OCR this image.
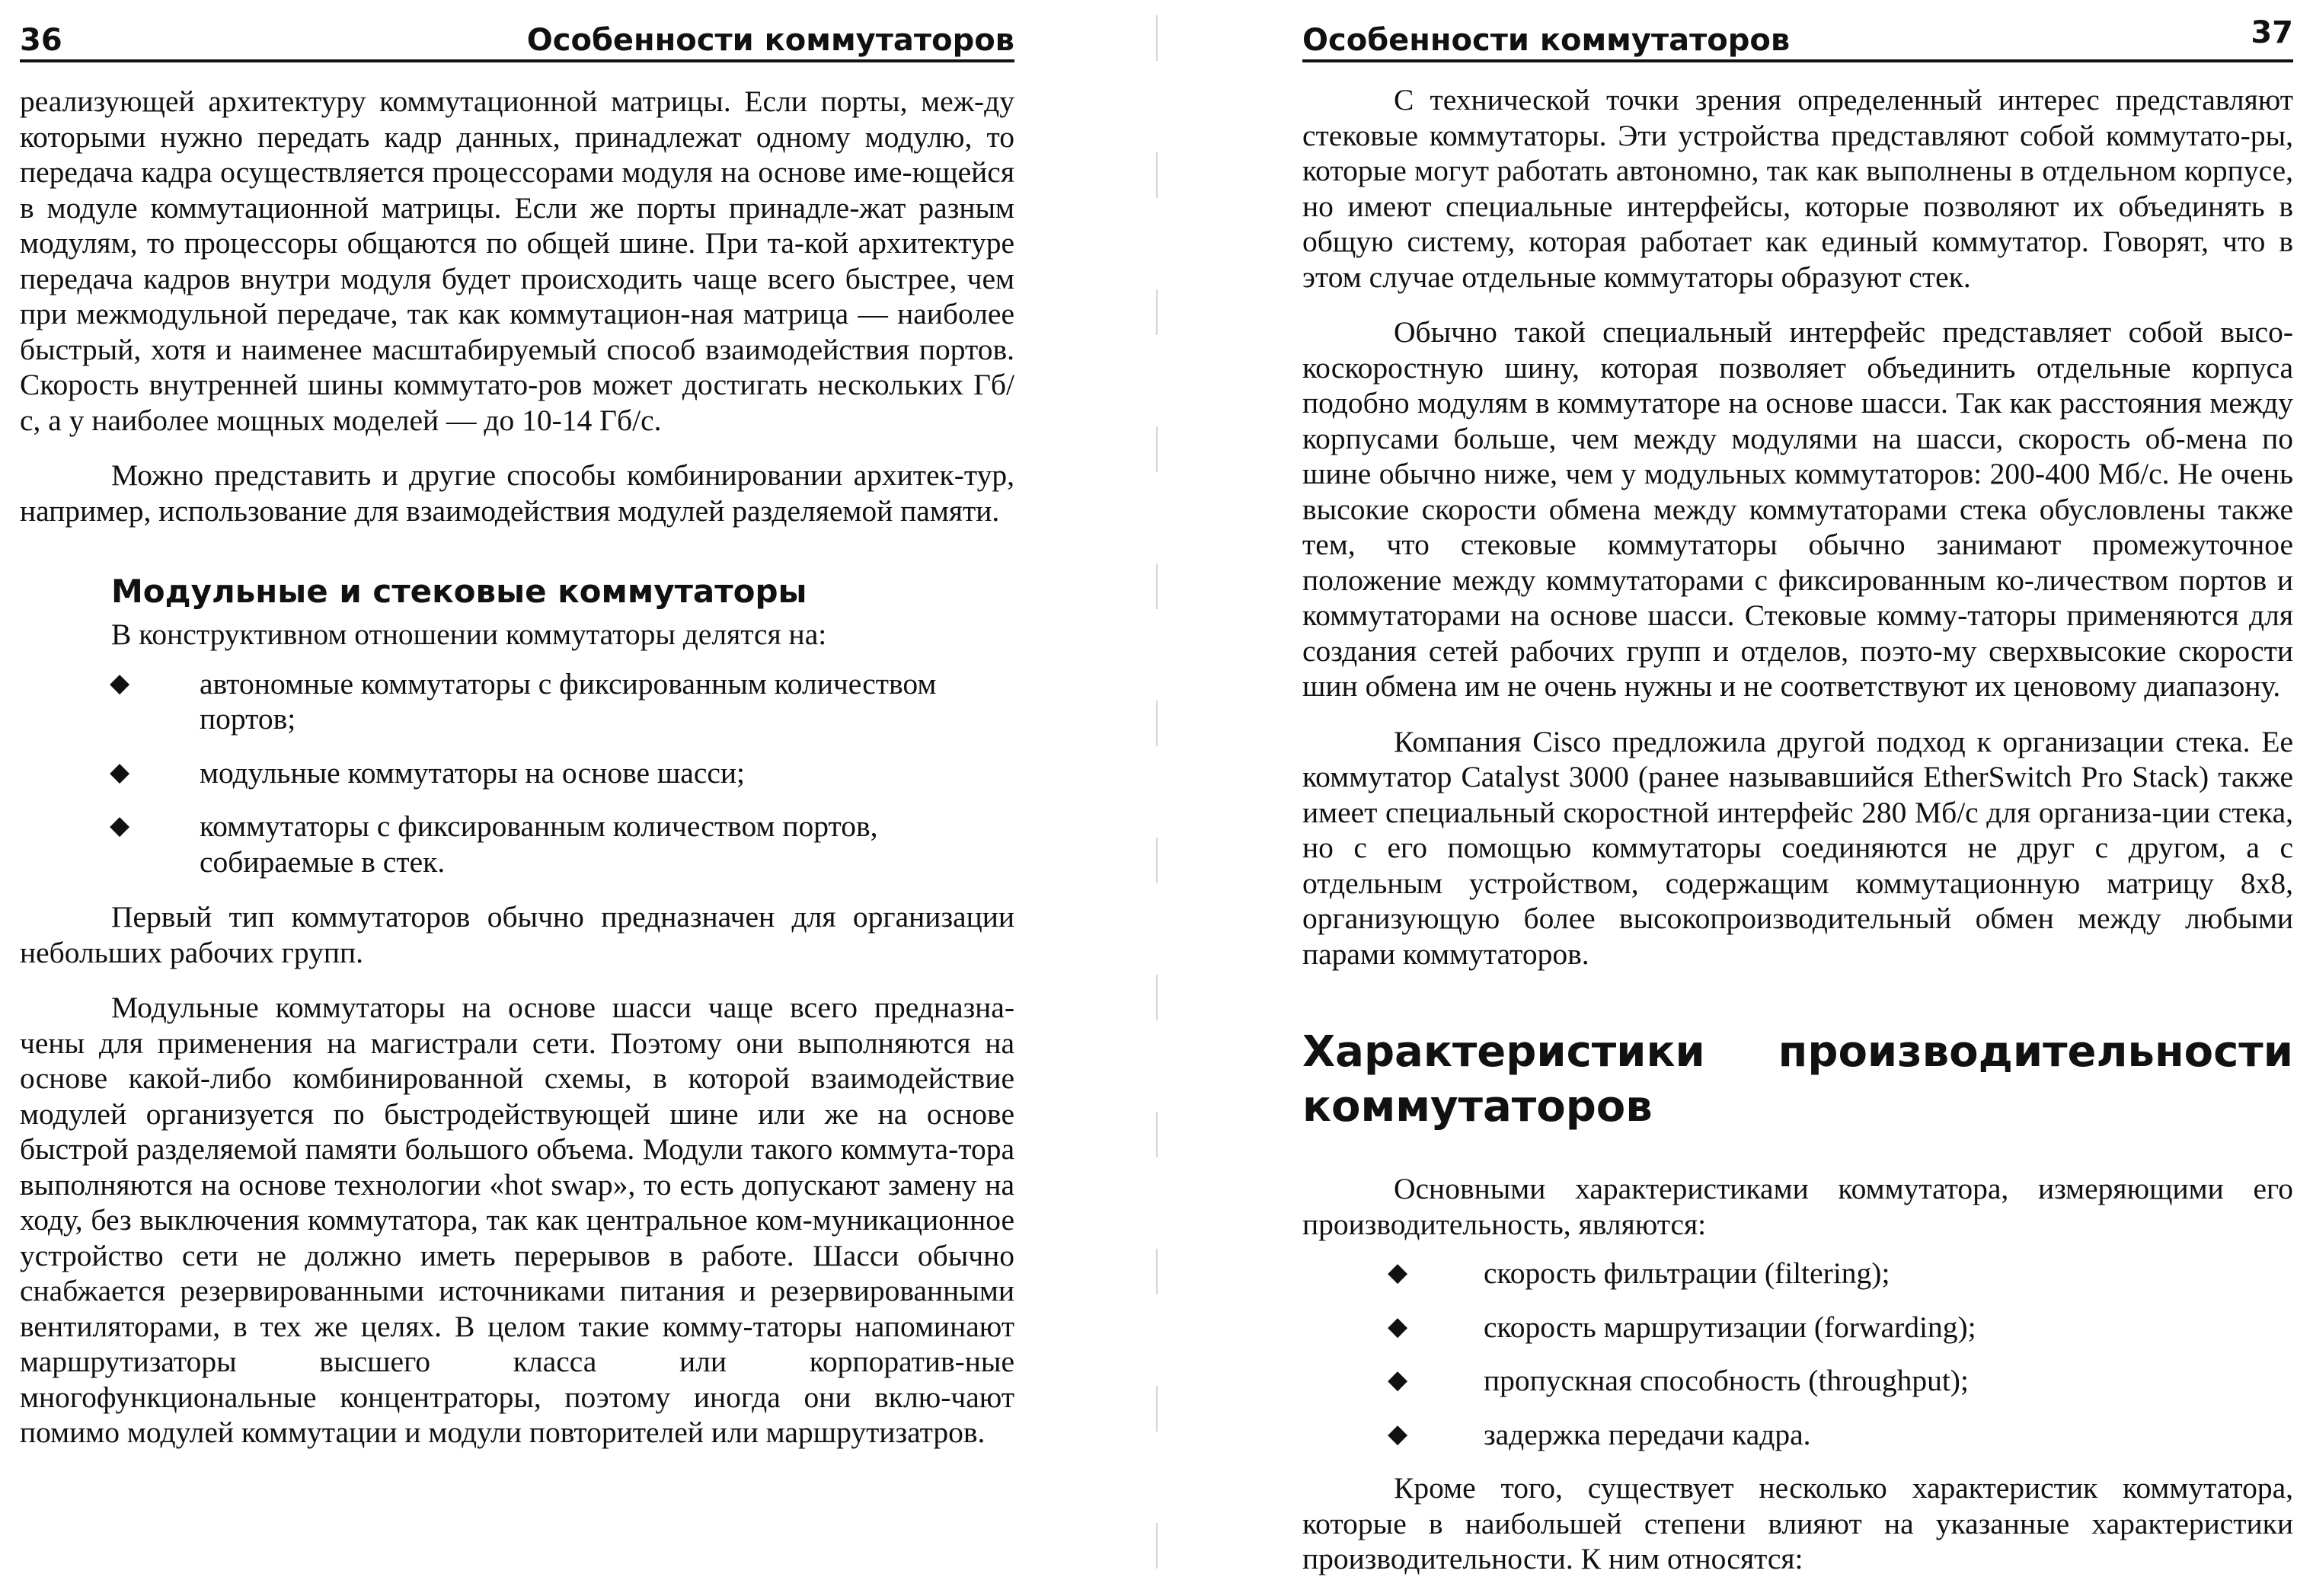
36	Особенности коммутаторов

реализующей архитектуру коммутационной матрицы. Если порты, меж-ду которыми нужно передать кадр данных, принадлежат одному модулю, то передача кадра осуществляется процессорами модуля на основе име-ющейся в модуле коммутационной матрицы. Если же порты принадле-жат разным модулям, то процессоры общаются по общей шине. При та-кой архитектуре передача кадров внутри модуля будет происходить чаще всего быстрее, чем при межмодульной передаче, так как коммутацион-ная матрица — наиболее быстрый, хотя и наименее масштабируемый способ взаимодействия портов. Скорость внутренней шины коммутато-ров может достигать нескольких Гб/с, а у наиболее мощных моделей — до 10-14 Гб/с.

Можно представить и другие способы комбинировании архитек-тур, например, использование для взаимодействия модулей разделяемой памяти.

Модульные и стековые коммутаторы

В конструктивном отношении коммутаторы делятся на:

◆ автономные коммутаторы с фиксированным количеством портов;
◆ модульные коммутаторы на основе шасси;
◆ коммутаторы с фиксированным количеством портов, собираемые в стек.

Первый тип коммутаторов обычно предназначен для организации небольших рабочих групп.

Модульные коммутаторы на основе шасси чаще всего предназна-чены для применения на магистрали сети. Поэтому они выполняются на основе какой-либо комбинированной схемы, в которой взаимодействие модулей организуется по быстродействующей шине или же на основе быстрой разделяемой памяти большого объема. Модули такого коммута-тора выполняются на основе технологии «hot swap», то есть допускают замену на ходу, без выключения коммутатора, так как центральное ком-муникационное устройство сети не должно иметь перерывов в работе. Шасси обычно снабжается резервированными источниками питания и резервированными вентиляторами, в тех же целях. В целом такие комму-таторы напоминают маршрутизаторы высшего класса или корпоратив-ные многофункциональные концентраторы, поэтому иногда они вклю-чают помимо модулей коммутации и модули повторителей или маршрутизатров.

Особенности коммутаторов	37

С технической точки зрения определенный интерес представляют стековые коммутаторы. Эти устройства представляют собой коммутато-ры, которые могут работать автономно, так как выполнены в отдельном корпусе, но имеют специальные интерфейсы, которые позволяют их объединять в общую систему, которая работает как единый коммутатор. Говорят, что в этом случае отдельные коммутаторы образуют стек.

Обычно такой специальный интерфейс представляет собой высо-коскоростную шину, которая позволяет объединить отдельные корпуса подобно модулям в коммутаторе на основе шасси. Так как расстояния между корпусами больше, чем между модулями на шасси, скорость об-мена по шине обычно ниже, чем у модульных коммутаторов: 200-400 Мб/с. Не очень высокие скорости обмена между коммутаторами стека обусловлены также тем, что стековые коммутаторы обычно занимают промежуточное положение между коммутаторами с фиксированным ко-личеством портов и коммутаторами на основе шасси. Стековые комму-таторы применяются для создания сетей рабочих групп и отделов, поэто-му сверхвысокие скорости шин обмена им не очень нужны и не соответствуют их ценовому диапазону.

Компания Cisco предложила другой подход к организации стека. Ее коммутатор Catalyst 3000 (ранее называвшийся EtherSwitch Pro Stack) также имеет специальный скоростной интерфейс 280 Мб/с для организа-ции стека, но с его помощью коммутаторы соединяются не друг с другом, а с отдельным устройством, содержащим коммутационную матрицу 8x8, организующую более высокопроизводительный обмен между любыми парами коммутаторов.

Характеристики производительности коммутаторов

Основными характеристиками коммутатора, измеряющими его производительность, являются:

◆	скорость фильтрации (filtering);
◆	скорость маршрутизации (forwarding);
◆	пропускная способность (throughput);
◆	задержка передачи кадра.

Кроме того, существует несколько характеристик коммутатора, которые в наибольшей степени влияют на указанные характеристики производительности. К ним относятся:
